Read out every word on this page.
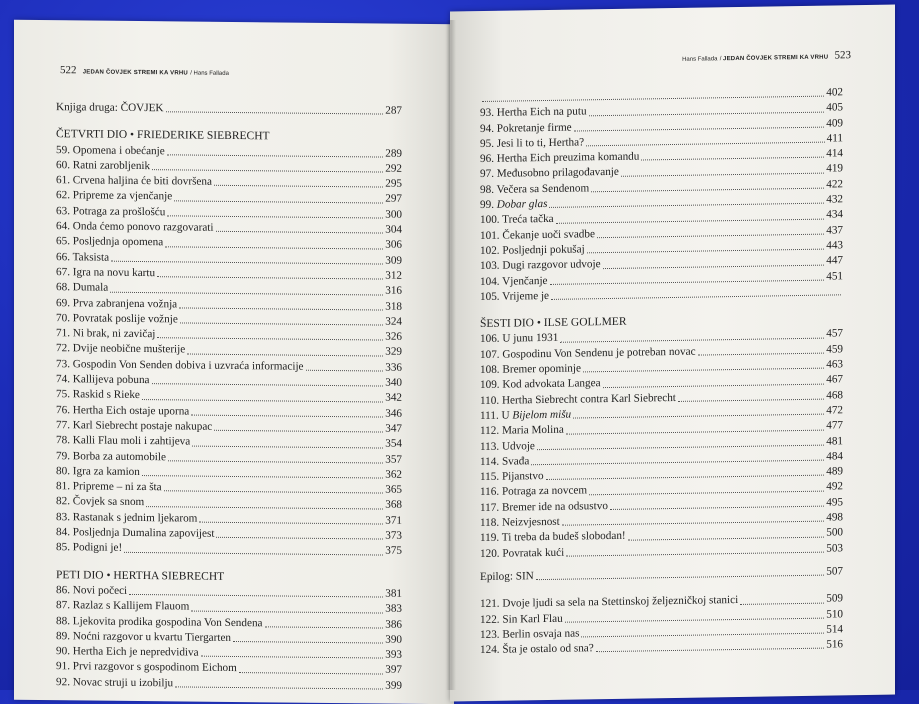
522 JEDAN ČOVJEK STREMI KA VRHU / Hans Fallada
Knjiga druga: ČOVJEK	287
ČETVRTI DIO • FRIEDERIKE SIEBRECHT
59. Opomena i obećanje	289
60. Ratni zarobljenik	292
61. Crvena haljina će biti dovršena	295
62. Pripreme za vjenčanje	297
63. Potraga za prošlošću	300
64. Onda ćemo ponovo razgovarati	304
65. Posljednja opomena	306
66. Taksista	309
67. Igra na novu kartu	312
68. Dumala	316
69. Prva zabranjena vožnja	318
70. Povratak poslije vožnje	324
71. Ni brak, ni zavičaj	326
72. Dvije neobične mušterije	329
73. Gospodin Von Senden dobiva i uzvraća informacije	336
74. Kallijeva pobuna	340
75. Raskid s Rieke	342
76. Hertha Eich ostaje uporna	346
77. Karl Siebrecht postaje nakupac	347
78. Kalli Flau moli i zahtijeva	354
79. Borba za automobile	357
80. Igra za kamion	362
81. Pripreme – ni za šta	365
82. Čovjek sa snom	368
83. Rastanak s jednim ljekarom	371
84. Posljednja Dumalina zapovijest	373
85. Podigni je!	375
PETI DIO • HERTHA SIEBRECHT
86. Novi počeci	381
87. Razlaz s Kallijem Flauom	383
88. Ljekovita prodika gospodina Von Sendena	386
89. Noćni razgovor u kvartu Tiergarten	390
90. Hertha Eich je nepredvidiva	393
91. Prvi razgovor s gospodinom Eichom	397
92. Novac struji u izobilju	399
Hans Fallada / JEDAN ČOVJEK STREMI KA VRHU 523
402
93. Hertha Eich na putu	405
94. Pokretanje firme	409
95. Jesi li to ti, Hertha?	411
96. Hertha Eich preuzima komandu	414
97. Međusobno prilagođavanje	419
98. Večera sa Sendenom	422
99. Dobar glas	432
100. Treća tačka	434
101. Čekanje uoči svadbe	437
102. Posljednji pokušaj	443
103. Dugi razgovor udvoje	447
104. Vjenčanje	451
105. Vrijeme je
ŠESTI DIO • ILSE GOLLMER
106. U junu 1931	457
107. Gospodinu Von Sendenu je potreban novac	459
108. Bremer opominje	463
109. Kod advokata Langea	467
110. Hertha Siebrecht contra Karl Siebrecht	468
111. U Bijelom mišu	472
112. Maria Molina	477
113. Udvoje	481
114. Svađa	484
115. Pijanstvo	489
116. Potraga za novcem	492
117. Bremer ide na odsustvo	495
118. Neizvjesnost	498
119. Ti treba da budeš slobodan!	500
120. Povratak kući	503
Epilog: SIN	507
121. Dvoje ljudi sa sela na Stettinskoj željezničkoj stanici	509
122. Sin Karl Flau	510
123. Berlin osvaja nas	514
124. Šta je ostalo od sna?	516
